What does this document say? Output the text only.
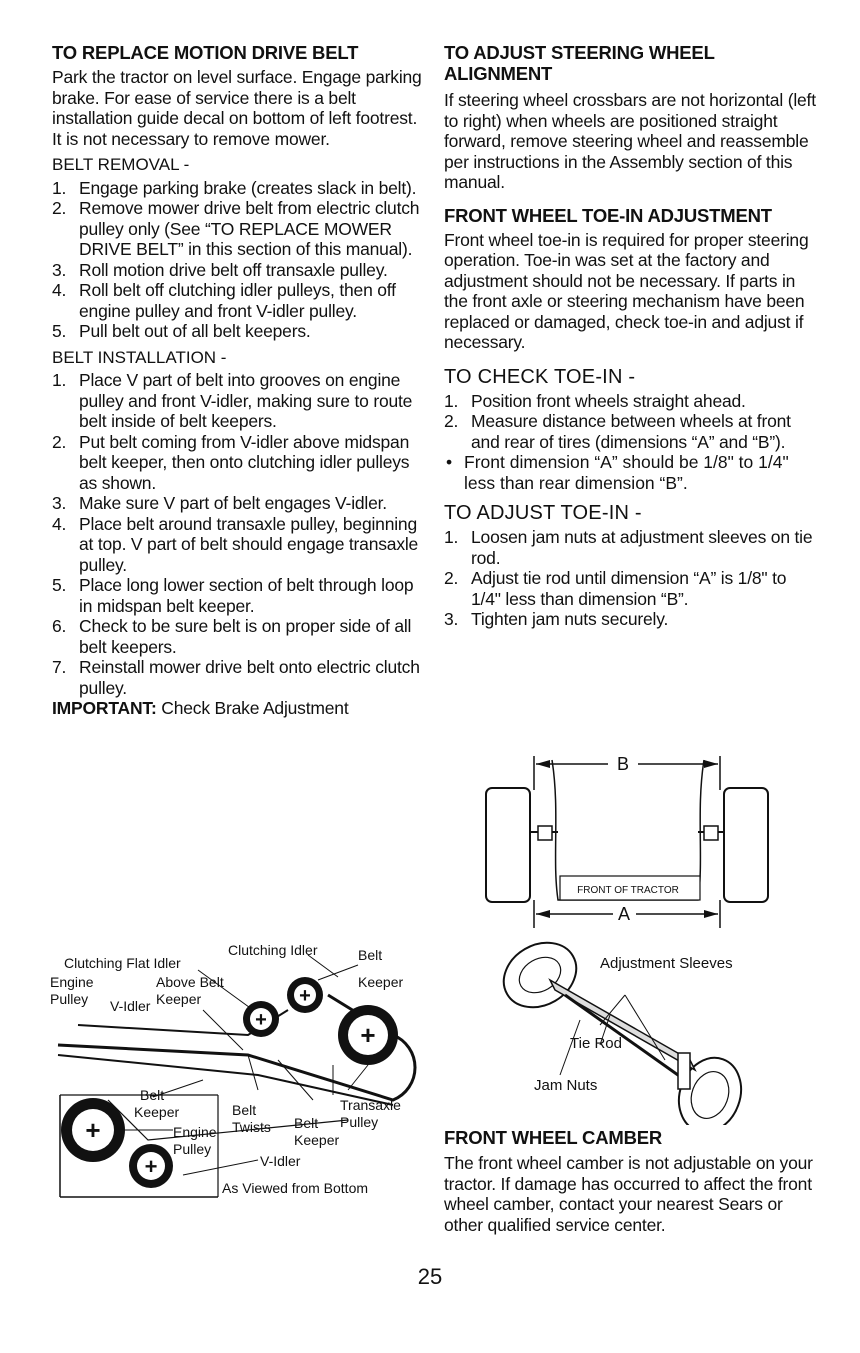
TO REPLACE MOTION DRIVE BELT

Park the tractor on level surface. Engage parking brake. For ease of service there is a belt installation guide decal on bottom of left footrest. It is not necessary to remove mower.

BELT REMOVAL -

1. Engage parking brake (creates slack in belt).
2. Remove mower drive belt from electric clutch pulley only (See “TO REPLACE MOWER DRIVE BELT” in this section of this manual).
3. Roll motion drive belt off transaxle pulley.
4. Roll belt off clutching idler pulleys, then off engine pulley and front V-idler pulley.
5. Pull belt out of all belt keepers.

BELT INSTALLATION -

1. Place V part of belt into grooves on engine pulley and front V-idler, making sure to route belt inside of belt keepers.
2. Put belt coming from V-idler above midspan belt keeper, then onto clutching idler pulleys as shown.
3. Make sure V part of belt engages V-idler.
4. Place belt around transaxle pulley, beginning at top. V part of belt should engage transaxle pulley.
5. Place long lower section of belt through loop in midspan belt keeper.
6. Check to be sure belt is on proper side of all belt keepers.
7. Reinstall mower drive belt onto electric clutch pulley.

IMPORTANT: Check Brake Adjustment

+
+
+
+
+
Clutching Flat Idler
Clutching Idler	Belt
Keeper
Engine
Pulley
Above Belt
Keeper
V-Idler
Belt
Keeper	Belt
Twists
Engine
Pulley
Belt
Keeper
Transaxle
Pulley
V-Idler
As Viewed from Bottom
TO ADJUST STEERING WHEEL ALIGNMENT

If steering wheel crossbars are not horizontal (left to right) when wheels are positioned straight forward, remove steering wheel and reassemble per instructions in the Assembly section of this manual.

FRONT WHEEL TOE-IN ADJUSTMENT

Front wheel toe-in is required for proper steering operation. Toe-in was set at the factory and adjustment should not be necessary. If parts in the front axle or steering mechanism have been replaced or damaged, check toe-in and adjust if necessary.

TO CHECK TOE-IN -
1. Position front wheels straight ahead.
2. Measure distance between wheels at front and rear of tires (dimensions “A” and “B”).
• Front dimension “A” should be 1/8" to 1/4" less than rear dimension “B”.
TO ADJUST TOE-IN -
1. Loosen jam nuts at adjustment sleeves on tie rod.
2. Adjust tie rod until dimension “A” is 1/8" to 1/4" less than dimension “B”.
3. Tighten jam nuts securely.
B
FRONT OF TRACTOR
A
Adjustment Sleeves
Tie Rod
Jam Nuts
FRONT WHEEL CAMBER

The front wheel camber is not adjustable on your tractor. If damage has occurred to affect the front wheel camber, contact your nearest Sears or other qualified service center.

25
